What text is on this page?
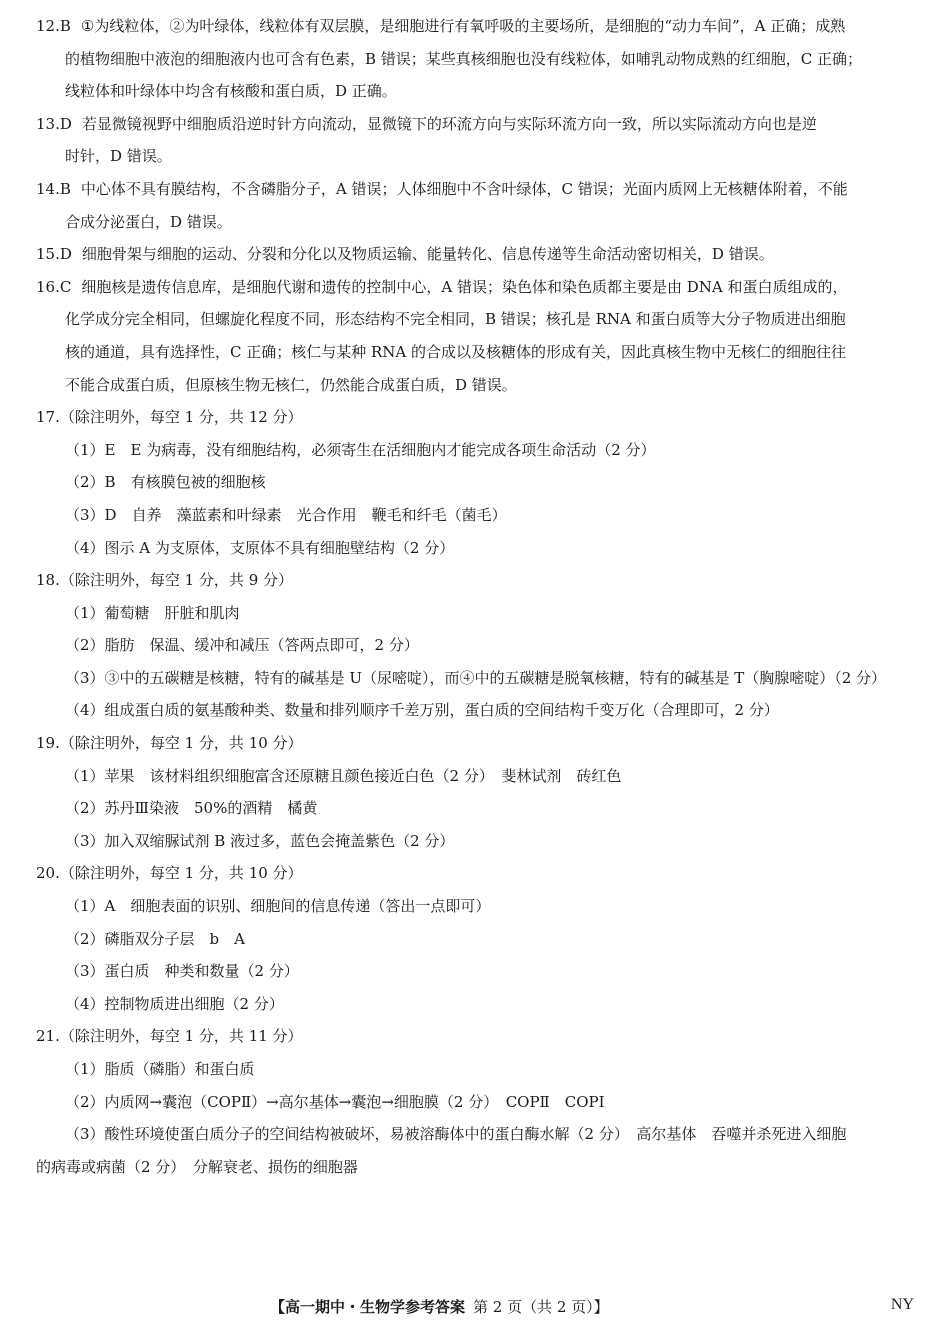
12.B ①为线粒体，②为叶绿体，线粒体有双层膜，是细胞进行有氧呼吸的主要场所，是细胞的“动力车间”，A 正确；成熟

的植物细胞中液泡的细胞液内也可含有色素，B 错误；某些真核细胞也没有线粒体，如哺乳动物成熟的红细胞，C 正确；

线粒体和叶绿体中均含有核酸和蛋白质，D 正确。

13.D 若显微镜视野中细胞质沿逆时针方向流动，显微镜下的环流方向与实际环流方向一致，所以实际流动方向也是逆

时针，D 错误。

14.B 中心体不具有膜结构，不含磷脂分子，A 错误；人体细胞中不含叶绿体，C 错误；光面内质网上无核糖体附着，不能

合成分泌蛋白，D 错误。

15.D 细胞骨架与细胞的运动、分裂和分化以及物质运输、能量转化、信息传递等生命活动密切相关，D 错误。

16.C 细胞核是遗传信息库，是细胞代谢和遗传的控制中心，A 错误；染色体和染色质都主要是由 DNA 和蛋白质组成的，

化学成分完全相同，但螺旋化程度不同，形态结构不完全相同，B 错误；核孔是 RNA 和蛋白质等大分子物质进出细胞

核的通道，具有选择性，C 正确；核仁与某种 RNA 的合成以及核糖体的形成有关，因此真核生物中无核仁的细胞往往

不能合成蛋白质，但原核生物无核仁，仍然能合成蛋白质，D 错误。

17.（除注明外，每空 1 分，共 12 分）

（1）E　E 为病毒，没有细胞结构，必须寄生在活细胞内才能完成各项生命活动（2 分）

（2）B　有核膜包被的细胞核

（3）D　自养　藻蓝素和叶绿素　光合作用　鞭毛和纤毛（菌毛）

（4）图示 A 为支原体，支原体不具有细胞壁结构（2 分）

18.（除注明外，每空 1 分，共 9 分）

（1）葡萄糖　肝脏和肌肉

（2）脂肪　保温、缓冲和减压（答两点即可，2 分）

（3）③中的五碳糖是核糖，特有的碱基是 U（尿嘧啶），而④中的五碳糖是脱氧核糖，特有的碱基是 T（胸腺嘧啶）（2 分）

（4）组成蛋白质的氨基酸种类、数量和排列顺序千差万别，蛋白质的空间结构千变万化（合理即可，2 分）

19.（除注明外，每空 1 分，共 10 分）

（1）苹果　该材料组织细胞富含还原糖且颜色接近白色（2 分）　斐林试剂　砖红色

（2）苏丹Ⅲ染液　50%的酒精　橘黄

（3）加入双缩脲试剂 B 液过多，蓝色会掩盖紫色（2 分）

20.（除注明外，每空 1 分，共 10 分）

（1）A　细胞表面的识别、细胞间的信息传递（答出一点即可）

（2）磷脂双分子层　b　A

（3）蛋白质　种类和数量（2 分）

（4）控制物质进出细胞（2 分）

21.（除注明外，每空 1 分，共 11 分）

（1）脂质（磷脂）和蛋白质

（2）内质网→囊泡（COPⅡ）→高尔基体→囊泡→细胞膜（2 分）　COPⅡ　COPⅠ

（3）酸性环境使蛋白质分子的空间结构被破坏，易被溶酶体中的蛋白酶水解（2 分）　高尔基体　吞噬并杀死进入细胞

的病毒或病菌（2 分）　分解衰老、损伤的细胞器

【高一期中・生物学参考答案 第 2 页（共 2 页）】	NY
